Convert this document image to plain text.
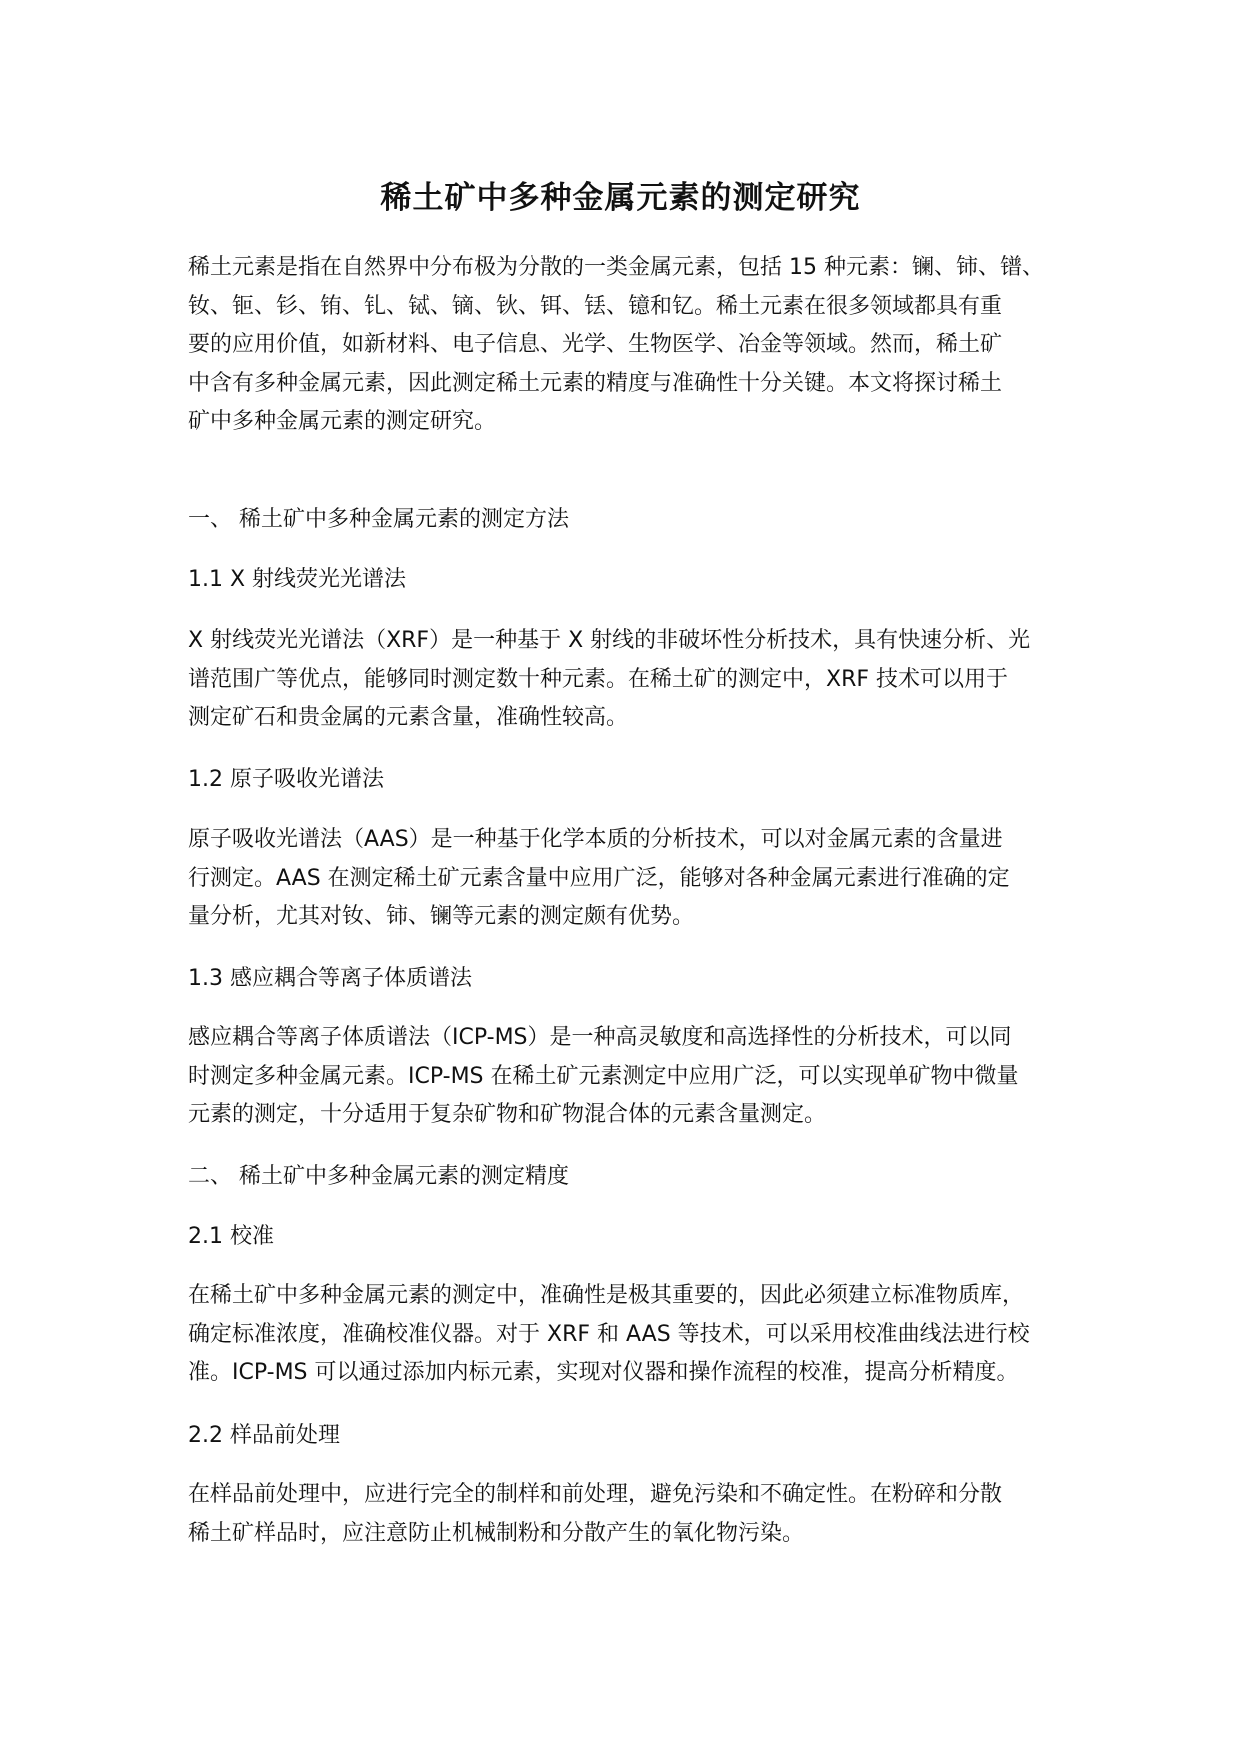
稀土矿中多种金属元素的测定研究
稀土元素是指在自然界中分布极为分散的一类金属元素，包括 15 种元素：镧、铈、镨、
钕、钷、钐、铕、钆、铽、镝、钬、铒、铥、镱和钇。稀土元素在很多领域都具有重
要的应用价值，如新材料、电子信息、光学、生物医学、冶金等领域。然而，稀土矿
中含有多种金属元素，因此测定稀土元素的精度与准确性十分关键。本文将探讨稀土
矿中多种金属元素的测定研究。
一、 稀土矿中多种金属元素的测定方法
1.1 X 射线荧光光谱法
X 射线荧光光谱法（XRF）是一种基于 X 射线的非破坏性分析技术，具有快速分析、光
谱范围广等优点，能够同时测定数十种元素。在稀土矿的测定中，XRF 技术可以用于
测定矿石和贵金属的元素含量，准确性较高。
1.2 原子吸收光谱法
原子吸收光谱法（AAS）是一种基于化学本质的分析技术，可以对金属元素的含量进
行测定。AAS 在测定稀土矿元素含量中应用广泛，能够对各种金属元素进行准确的定
量分析，尤其对钕、铈、镧等元素的测定颇有优势。
1.3 感应耦合等离子体质谱法
感应耦合等离子体质谱法（ICP-MS）是一种高灵敏度和高选择性的分析技术，可以同
时测定多种金属元素。ICP-MS 在稀土矿元素测定中应用广泛，可以实现单矿物中微量
元素的测定，十分适用于复杂矿物和矿物混合体的元素含量测定。
二、 稀土矿中多种金属元素的测定精度
2.1 校准
在稀土矿中多种金属元素的测定中，准确性是极其重要的，因此必须建立标准物质库，
确定标准浓度，准确校准仪器。对于 XRF 和 AAS 等技术，可以采用校准曲线法进行校
准。ICP-MS 可以通过添加内标元素，实现对仪器和操作流程的校准，提高分析精度。
2.2 样品前处理
在样品前处理中，应进行完全的制样和前处理，避免污染和不确定性。在粉碎和分散
稀土矿样品时，应注意防止机械制粉和分散产生的氧化物污染。
